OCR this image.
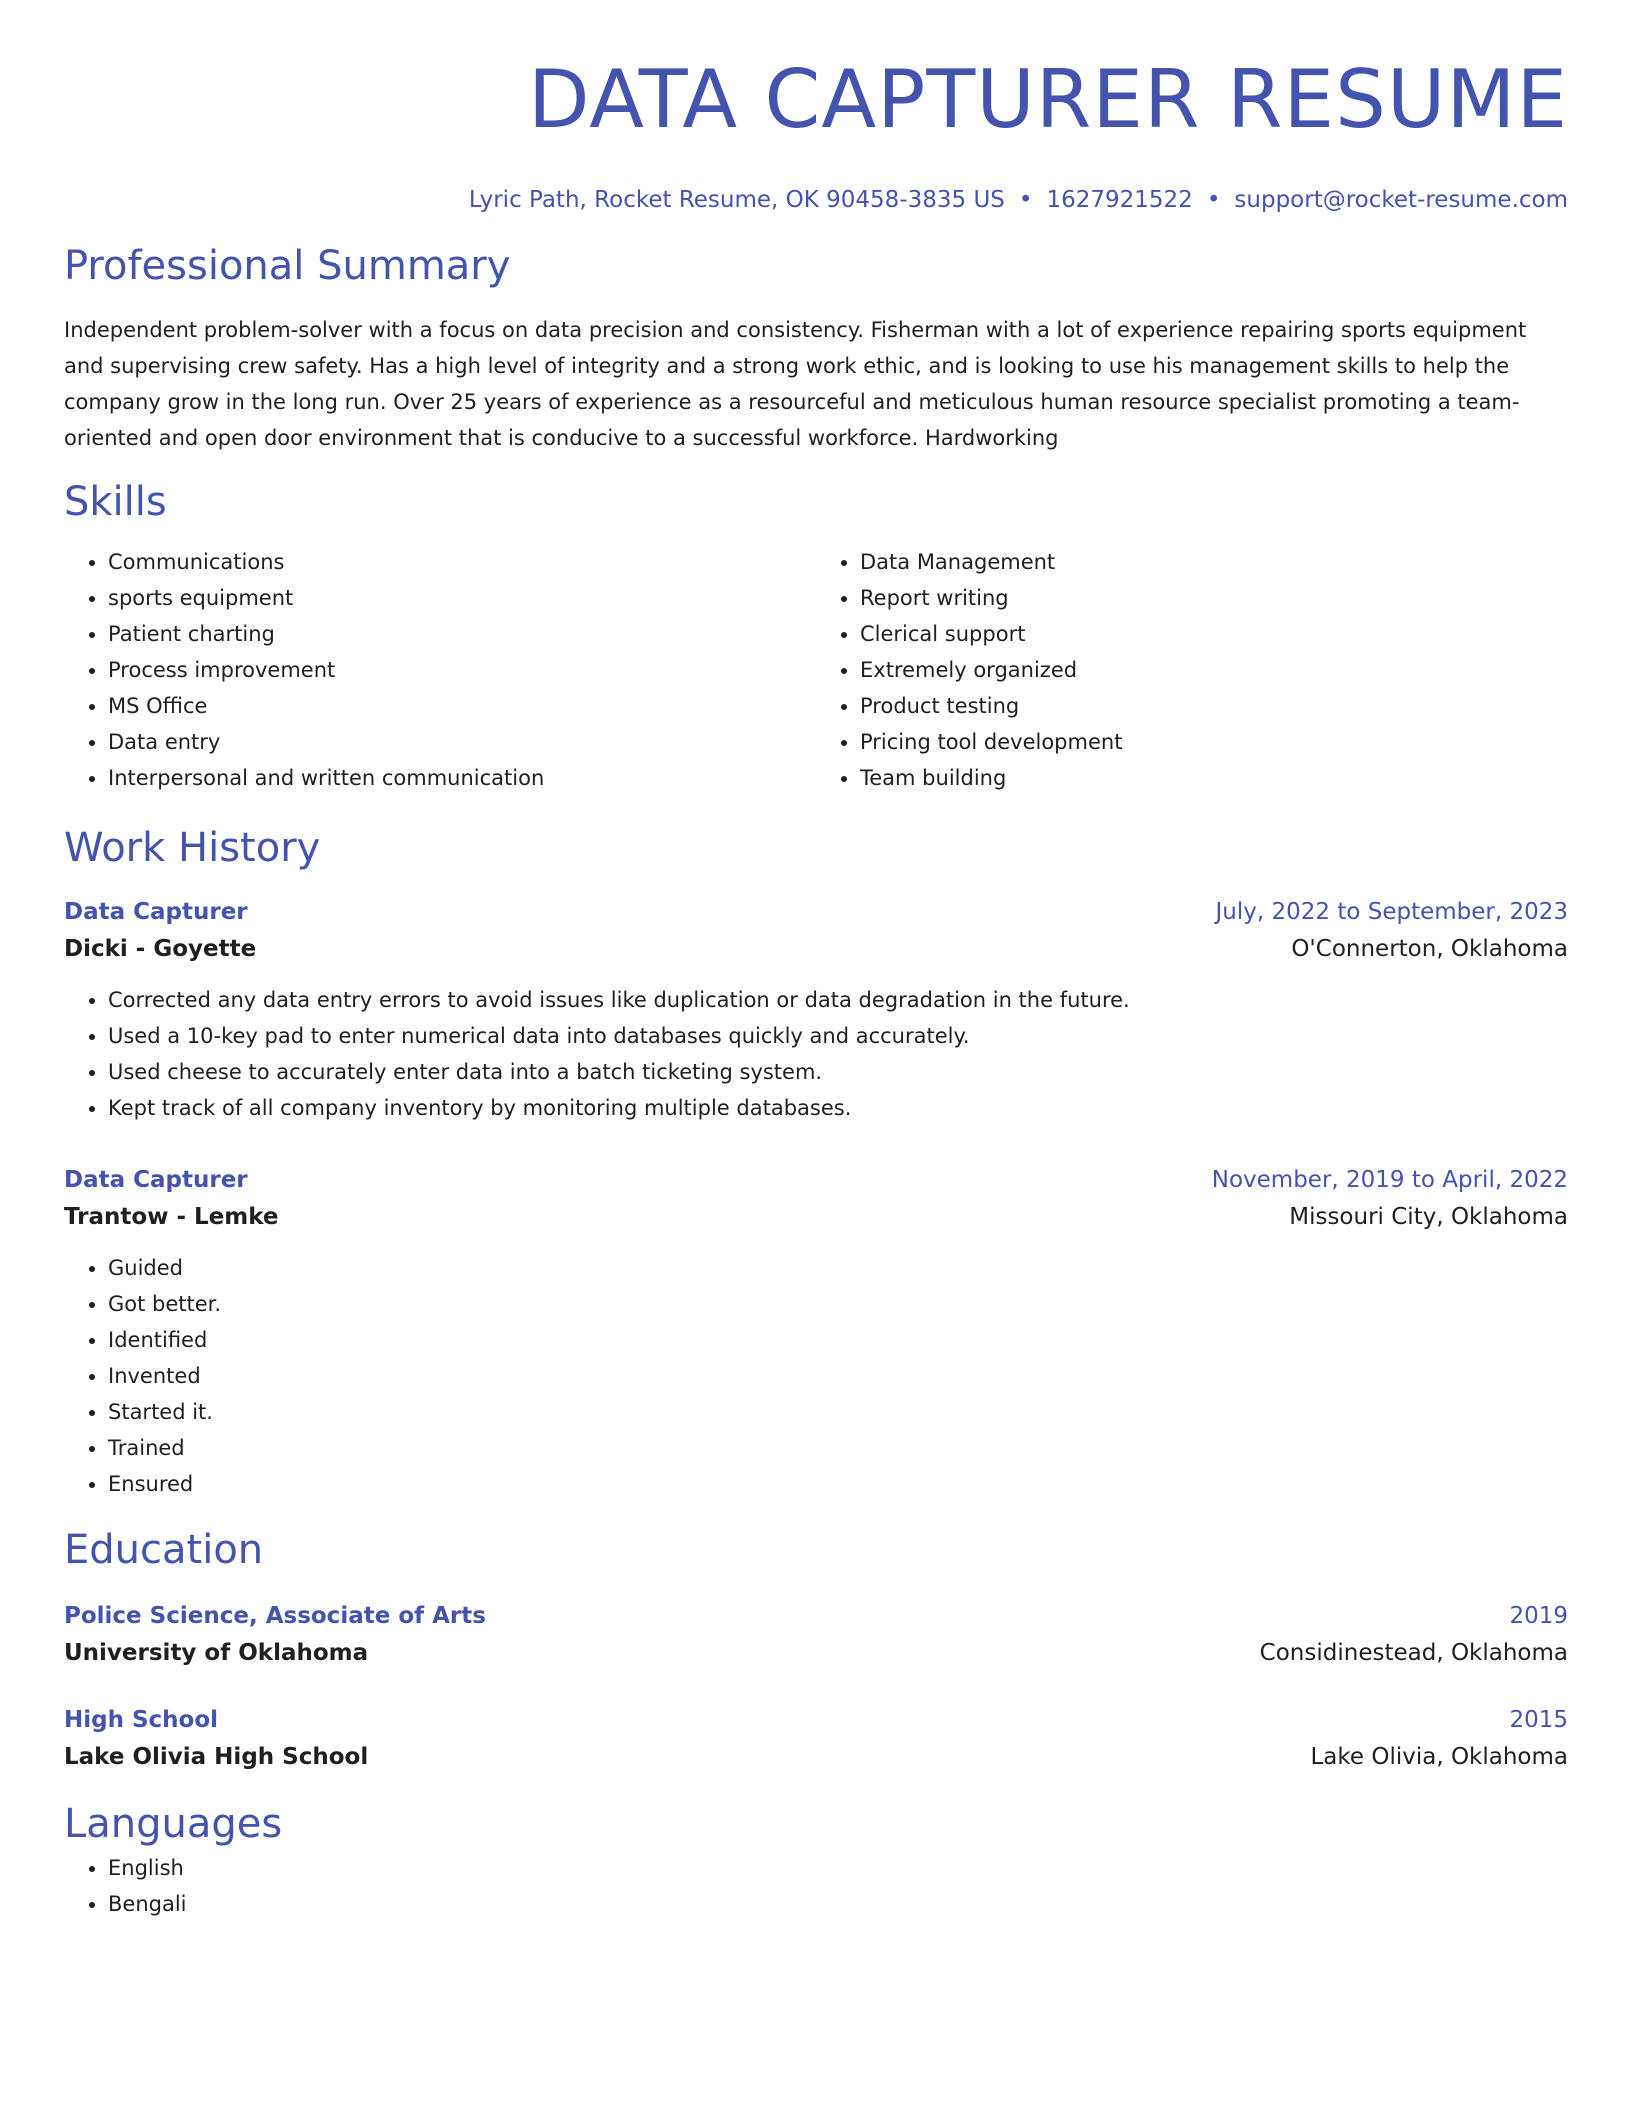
DATA CAPTURER RESUME
Lyric Path, Rocket Resume, OK 90458-3835 US • 1627921522 • support@rocket-resume.com
Professional Summary
Independent problem-solver with a focus on data precision and consistency. Fisherman with a lot of experience repairing sports equipment and supervising crew safety. Has a high level of integrity and a strong work ethic, and is looking to use his management skills to help the company grow in the long run. Over 25 years of experience as a resourceful and meticulous human resource specialist promoting a team-oriented and open door environment that is conducive to a successful workforce. Hardworking
Skills
• Communications
• sports equipment
• Patient charting
• Process improvement
• MS Office
• Data entry
• Interpersonal and written communication
• Data Management
• Report writing
• Clerical support
• Extremely organized
• Product testing
• Pricing tool development
• Team building
Work History
Data Capturer	July, 2022 to September, 2023
Dicki - Goyette	O'Connerton, Oklahoma
• Corrected any data entry errors to avoid issues like duplication or data degradation in the future.
• Used a 10-key pad to enter numerical data into databases quickly and accurately.
• Used cheese to accurately enter data into a batch ticketing system.
• Kept track of all company inventory by monitoring multiple databases.
Data Capturer	November, 2019 to April, 2022
Trantow - Lemke	Missouri City, Oklahoma
• Guided
• Got better.
• Identified
• Invented
• Started it.
• Trained
• Ensured
Education
Police Science, Associate of Arts	2019
University of Oklahoma	Considinestead, Oklahoma
High School	2015
Lake Olivia High School	Lake Olivia, Oklahoma
Languages
• English
• Bengali
